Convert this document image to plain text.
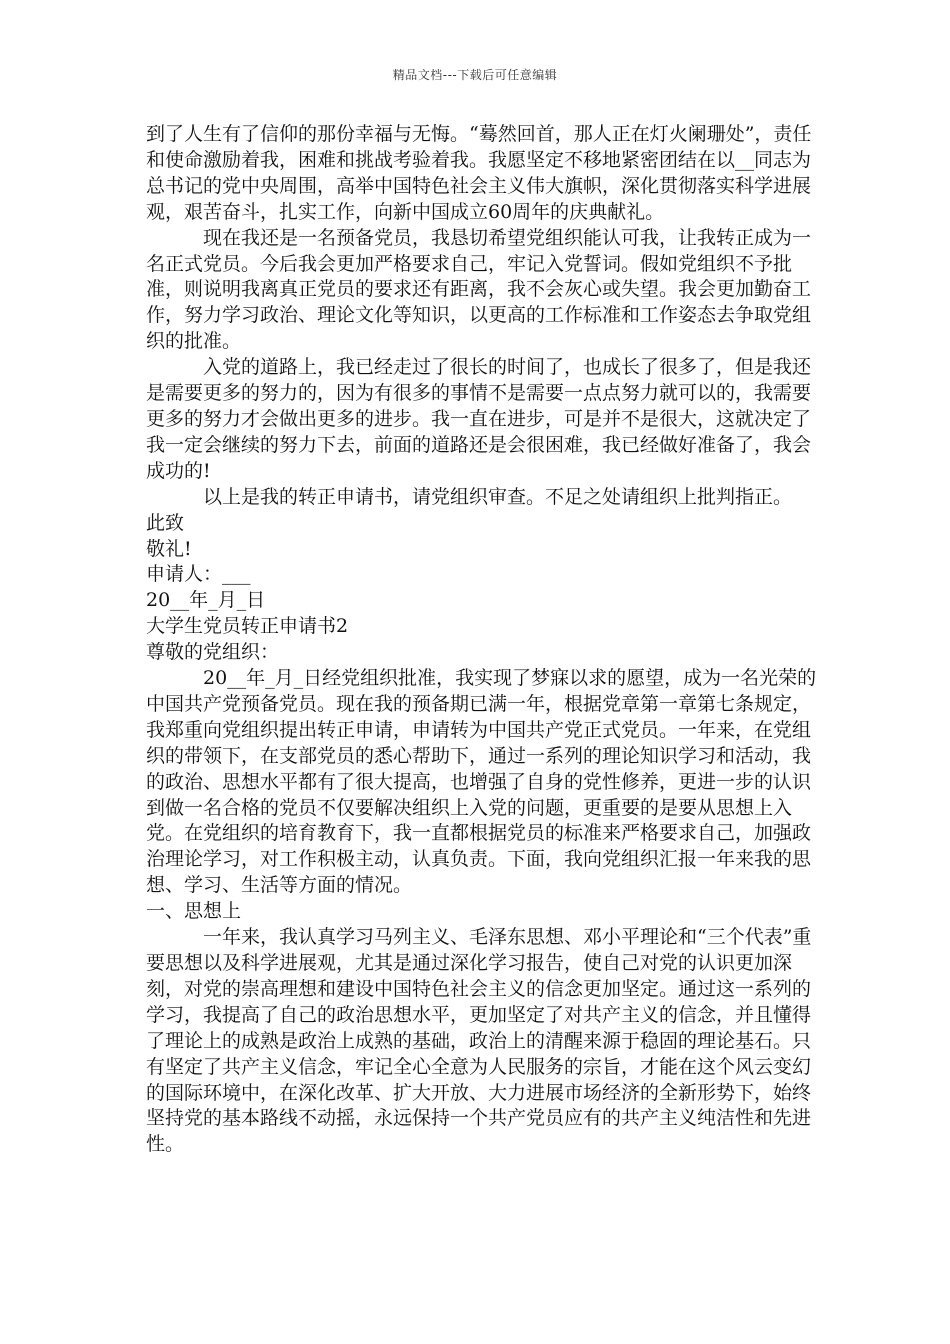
精品文档---下载后可任意编辑

到了人生有了信仰的那份幸福与无悔。“蓦然回首，那人正在灯火阑珊处”，责任和使命激励着我，困难和挑战考验着我。我愿坚定不移地紧密团结在以__同志为总书记的党中央周围，高举中国特色社会主义伟大旗帜，深化贯彻落实科学进展观，艰苦奋斗，扎实工作，向新中国成立60周年的庆典献礼。

现在我还是一名预备党员，我恳切希望党组织能认可我，让我转正成为一名正式党员。今后我会更加严格要求自己，牢记入党誓词。假如党组织不予批准，则说明我离真正党员的要求还有距离，我不会灰心或失望。我会更加勤奋工作，努力学习政治、理论文化等知识，以更高的工作标准和工作姿态去争取党组织的批准。

入党的道路上，我已经走过了很长的时间了，也成长了很多了，但是我还是需要更多的努力的，因为有很多的事情不是需要一点点努力就可以的，我需要更多的努力才会做出更多的进步。我一直在进步，可是并不是很大，这就决定了我一定会继续的努力下去，前面的道路还是会很困难，我已经做好准备了，我会成功的!

以上是我的转正申请书，请党组织审查。不足之处请组织上批判指正。

此致

敬礼!

申请人：___

20__年_月_日

大学生党员转正申请书2

尊敬的党组织：

20__年_月_日经党组织批准，我实现了梦寐以求的愿望，成为一名光荣的中国共产党预备党员。现在我的预备期已满一年，根据党章第一章第七条规定，我郑重向党组织提出转正申请，申请转为中国共产党正式党员。一年来，在党组织的带领下，在支部党员的悉心帮助下，通过一系列的理论知识学习和活动，我的政治、思想水平都有了很大提高，也增强了自身的党性修养，更进一步的认识到做一名合格的党员不仅要解决组织上入党的问题，更重要的是要从思想上入党。在党组织的培育教育下，我一直都根据党员的标准来严格要求自己，加强政治理论学习，对工作积极主动，认真负责。下面，我向党组织汇报一年来我的思想、学习、生活等方面的情况。

一、思想上

一年来，我认真学习马列主义、毛泽东思想、邓小平理论和“三个代表”重要思想以及科学进展观，尤其是通过深化学习报告，使自己对党的认识更加深刻，对党的崇高理想和建设中国特色社会主义的信念更加坚定。通过这一系列的学习，我提高了自己的政治思想水平，更加坚定了对共产主义的信念，并且懂得了理论上的成熟是政治上成熟的基础，政治上的清醒来源于稳固的理论基石。只有坚定了共产主义信念，牢记全心全意为人民服务的宗旨，才能在这个风云变幻的国际环境中，在深化改革、扩大开放、大力进展市场经济的全新形势下，始终坚持党的基本路线不动摇，永远保持一个共产党员应有的共产主义纯洁性和先进性。
